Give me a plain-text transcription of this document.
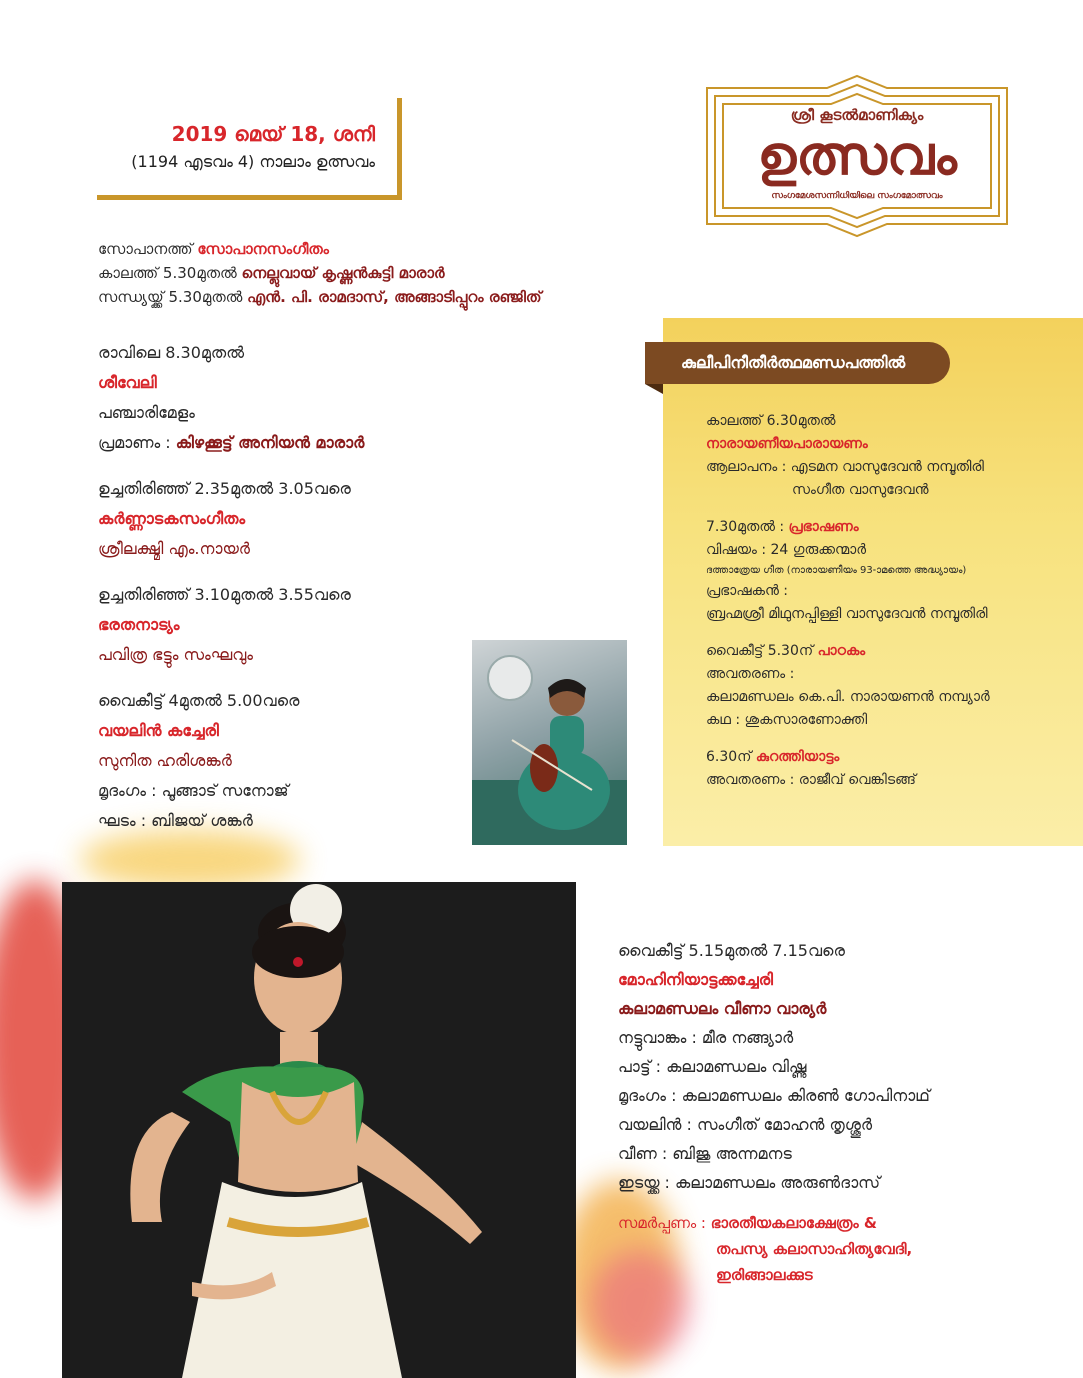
2019 മെയ് 18, ശനി
(1194 എടവം 4) നാലാം ഉത്സവം
ശ്രീ കൂടൽമാണിക്യം
ഉത്സവം
സംഗമേശസന്നിധിയിലെ സംഗമോത്സവം
സോപാനത്ത് സോപാനസംഗീതം
കാലത്ത് 5.30മുതൽ നെല്ലുവായ് കൃഷ്ണൻകുട്ടി മാരാർ
സന്ധ്യയ്ക്ക് 5.30മുതൽ എൻ. പി. രാമദാസ്, അങ്ങാടിപ്പുറം രഞ്ജിത്
രാവിലെ 8.30മുതൽ
ശീവേലി
പഞ്ചാരിമേളം
പ്രമാണം : കിഴക്കൂട്ട് അനിയൻ മാരാർ
ഉച്ചതിരിഞ്ഞ് 2.35മുതൽ 3.05വരെ
കർണ്ണാടകസംഗീതം
ശ്രീലക്ഷ്മി എം.നായർ
ഉച്ചതിരിഞ്ഞ് 3.10മുതൽ 3.55വരെ
ഭരതനാട്യം
പവിത്ര ഭട്ടും സംഘവും
വൈകീട്ട് 4മുതൽ 5.00വരെ
വയലിൻ കച്ചേരി
സുനിത ഹരിശങ്കർ
മൃദംഗം : പൂങ്ങാട് സനോജ്
ഘടം : ബിജയ് ശങ്കർ
കുലീപിനീതീർത്ഥമണ്ഡപത്തിൽ
കാലത്ത് 6.30മുതൽ
നാരായണീയപാരായണം
ആലാപനം : എടമന വാസുദേവൻ നമ്പൂതിരി
സംഗീത വാസുദേവൻ
7.30മുതൽ : പ്രഭാഷണം
വിഷയം : 24 ഗുരുക്കന്മാർ
ദത്താത്രേയ ഗീത (നാരായണീയം 93-ാമത്തെ അദ്ധ്യായം)
പ്രഭാഷകൻ :
ബ്രഹ്മശ്രീ മിഥുനപ്പിള്ളി വാസുദേവൻ നമ്പൂതിരി
വൈകീട്ട് 5.30ന് പാഠകം
അവതരണം :
കലാമണ്ഡലം കെ.പി. നാരായണൻ നമ്പ്യാർ
കഥ : ശുകസാരണോക്തി
6.30ന് കുറത്തിയാട്ടം
അവതരണം : രാജീവ് വെങ്കിടങ്ങ്
വൈകീട്ട് 5.15മുതൽ 7.15വരെ
മോഹിനിയാട്ടക്കച്ചേരി
കലാമണ്ഡലം വീണാ വാര്യർ
നട്ടുവാങ്കം : മീര നങ്ങ്യാർ
പാട്ട് : കലാമണ്ഡലം വിഷ്ണു
മൃദംഗം : കലാമണ്ഡലം കിരൺ ഗോപിനാഥ്
വയലിൻ : സംഗീത് മോഹൻ തൃശ്ശൂർ
വീണ : ബിജു അന്നമനട
ഇടയ്ക്ക : കലാമണ്ഡലം അരുൺദാസ്
സമർപ്പണം : ഭാരതീയകലാക്ഷേത്രം &
തപസ്യ കലാസാഹിത്യവേദി,
ഇരിങ്ങാലക്കുട
